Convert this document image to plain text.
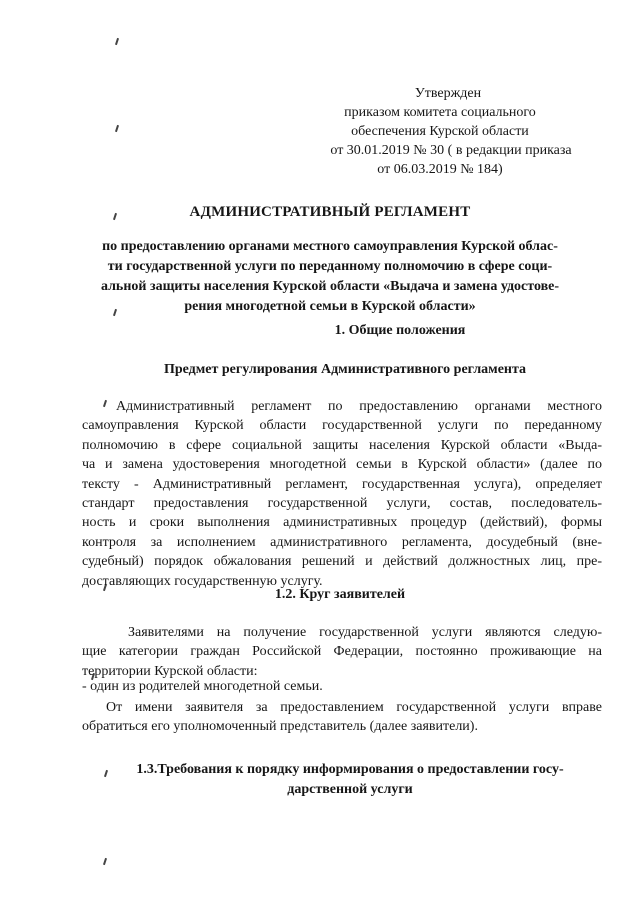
Утвержден
приказом комитета социального
обеспечения Курской области
от 30.01.2019 № 30 ( в редакции приказа
от 06.03.2019 № 184)
АДМИНИСТРАТИВНЫЙ РЕГЛАМЕНТ
по предоставлению органами местного самоуправления Курской облас-
ти государственной услуги по переданному полномочию в сфере соци-
альной защиты населения Курской области «Выдача и замена удостове-
рения многодетной семьи в Курской области»
1. Общие положения
Предмет регулирования Административного регламента
Административный регламент по предоставлению органами местного
самоуправления Курской области государственной услуги по переданному
полномочию в сфере социальной защиты населения Курской области «Выда-
ча и замена удостоверения многодетной семьи в Курской области» (далее по
тексту - Административный регламент, государственная услуга), определяет
стандарт предоставления государственной услуги, состав, последователь-
ность и сроки выполнения административных процедур (действий), формы
контроля за исполнением административного регламента, досудебный (вне-
судебный) порядок обжалования решений и действий должностных лиц, пре-
доставляющих государственную услугу.
1.2. Круг заявителей
Заявителями на получение государственной услуги являются следую-
щие категории граждан Российской Федерации, постоянно проживающие на
территории Курской области:
- один из родителей многодетной семьи.
От имени заявителя за предоставлением государственной услуги вправе
обратиться его уполномоченный представитель (далее заявители).
1.3.Требования к порядку информирования о предоставлении госу-
дарственной услуги
